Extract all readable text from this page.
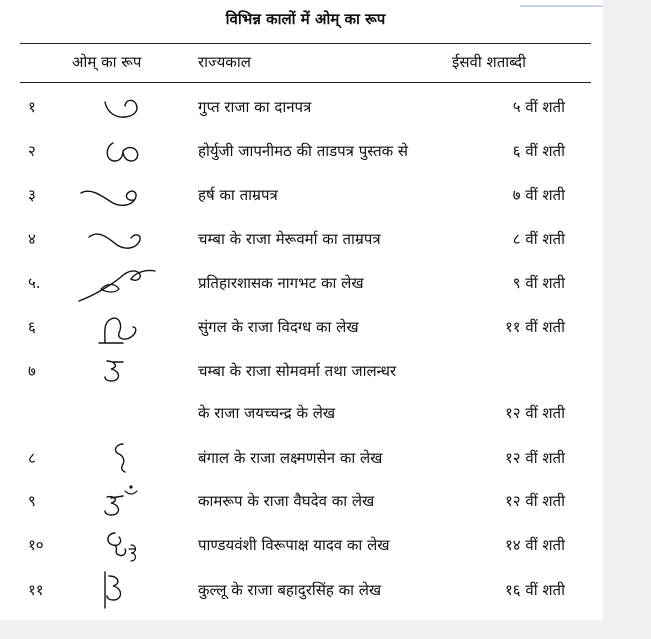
विभिन्न कालों में ओम् का रूप
ओम् का रूप	राज्यकाल	ईसवी शताब्दी
१	गुप्त राजा का दानपत्र	५ वीं शती
२	होर्युजी जापनीमठ की ताडपत्र पुस्तक से	६ वीं शती
३	हर्ष का ताम्रपत्र	७ वीं शती
४	चम्बा के राजा मेरूवर्मा का ताम्रपत्र	८ वीं शती
५.	प्रतिहारशासक नागभट का लेख	९ वीं शती
६	सुंगल के राजा विदग्ध का लेख	११ वीं शती
७	चम्बा के राजा सोमवर्मा तथा जालन्धर
के राजा जयच्चन्द्र के लेख	१२ वीं शती
८	बंगाल के राजा लक्ष्मणसेन का लेख	१२ वीं शती
९	कामरूप के राजा वैघदेव का लेख	१२ वीं शती
१०	पाण्डयवंशी विरूपाक्ष यादव का लेख	१४ वीं शती
११	कुल्लू के राजा बहादुरसिंह का लेख	१६ वीं शती
